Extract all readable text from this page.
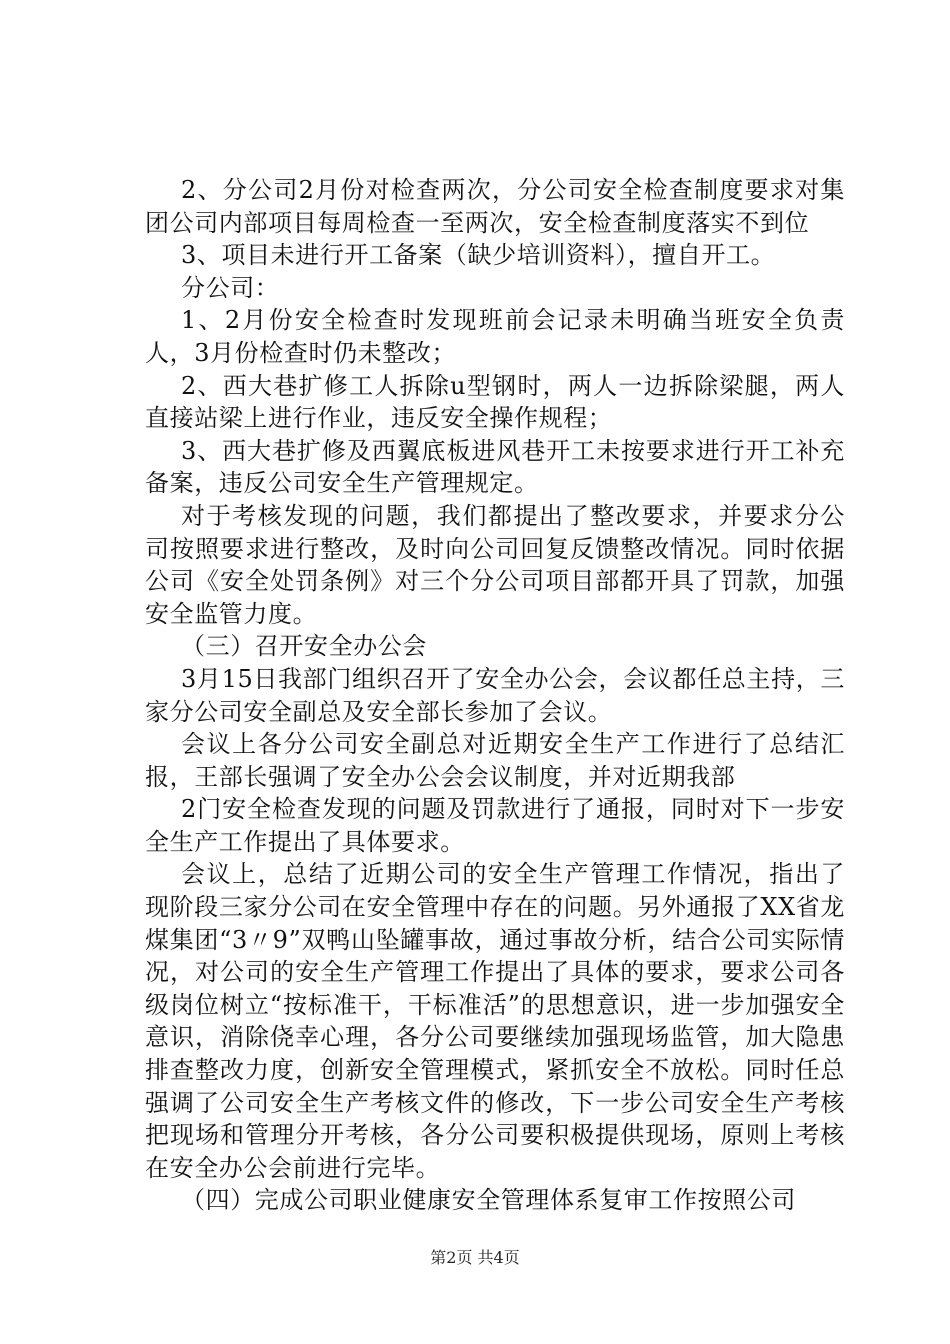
2、分公司2月份对检查两次，分公司安全检查制度要求对集团公司内部项目每周检查一至两次，安全检查制度落实不到位

3、项目未进行开工备案（缺少培训资料），擅自开工。

分公司：

1、2月份安全检查时发现班前会记录未明确当班安全负责人，3月份检查时仍未整改；

2、西大巷扩修工人拆除u型钢时，两人一边拆除梁腿，两人直接站梁上进行作业，违反安全操作规程；

3、西大巷扩修及西翼底板进风巷开工未按要求进行开工补充备案，违反公司安全生产管理规定。

对于考核发现的问题，我们都提出了整改要求，并要求分公司按照要求进行整改，及时向公司回复反馈整改情况。同时依据公司《安全处罚条例》对三个分公司项目部都开具了罚款，加强安全监管力度。

（三）召开安全办公会

3月15日我部门组织召开了安全办公会，会议都任总主持，三家分公司安全副总及安全部长参加了会议。

会议上各分公司安全副总对近期安全生产工作进行了总结汇报，王部长强调了安全办公会会议制度，并对近期我部

2门安全检查发现的问题及罚款进行了通报，同时对下一步安全生产工作提出了具体要求。

会议上，总结了近期公司的安全生产管理工作情况，指出了现阶段三家分公司在安全管理中存在的问题。另外通报了XX省龙煤集团“3〃9”双鸭山坠罐事故，通过事故分析，结合公司实际情况，对公司的安全生产管理工作提出了具体的要求，要求公司各级岗位树立“按标准干，干标准活”的思想意识，进一步加强安全意识，消除侥幸心理，各分公司要继续加强现场监管，加大隐患排查整改力度，创新安全管理模式，紧抓安全不放松。同时任总强调了公司安全生产考核文件的修改，下一步公司安全生产考核把现场和管理分开考核，各分公司要积极提供现场，原则上考核在安全办公会前进行完毕。

（四）完成公司职业健康安全管理体系复审工作按照公司

第2页 共4页
